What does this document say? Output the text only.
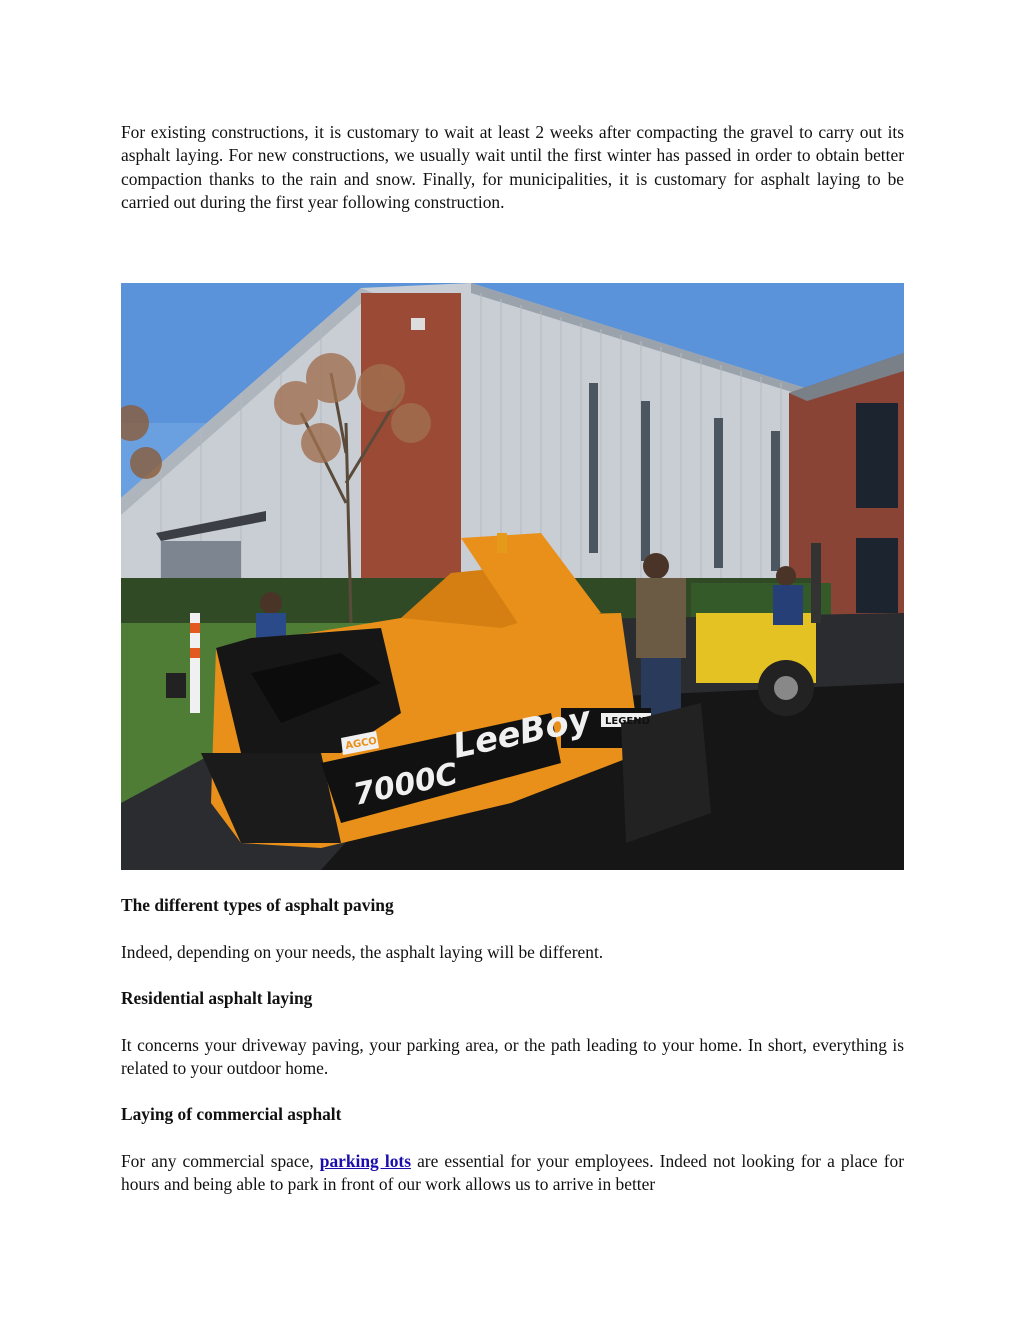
For existing constructions, it is customary to wait at least 2 weeks after compacting the gravel to carry out its asphalt laying. For new constructions, we usually wait until the first winter has passed in order to obtain better compaction thanks to the rain and snow. Finally, for municipalities, it is customary for asphalt laying to be carried out during the first year following construction.

7000C
LeeBoy LEGEND
AGCO

The different types of asphalt paving

Indeed, depending on your needs, the asphalt laying will be different.

Residential asphalt laying

It concerns your driveway paving, your parking area, or the path leading to your home. In short, everything is related to your outdoor home.

Laying of commercial asphalt

For any commercial space, parking lots are essential for your employees. Indeed not looking for a place for hours and being able to park in front of our work allows us to arrive in better
